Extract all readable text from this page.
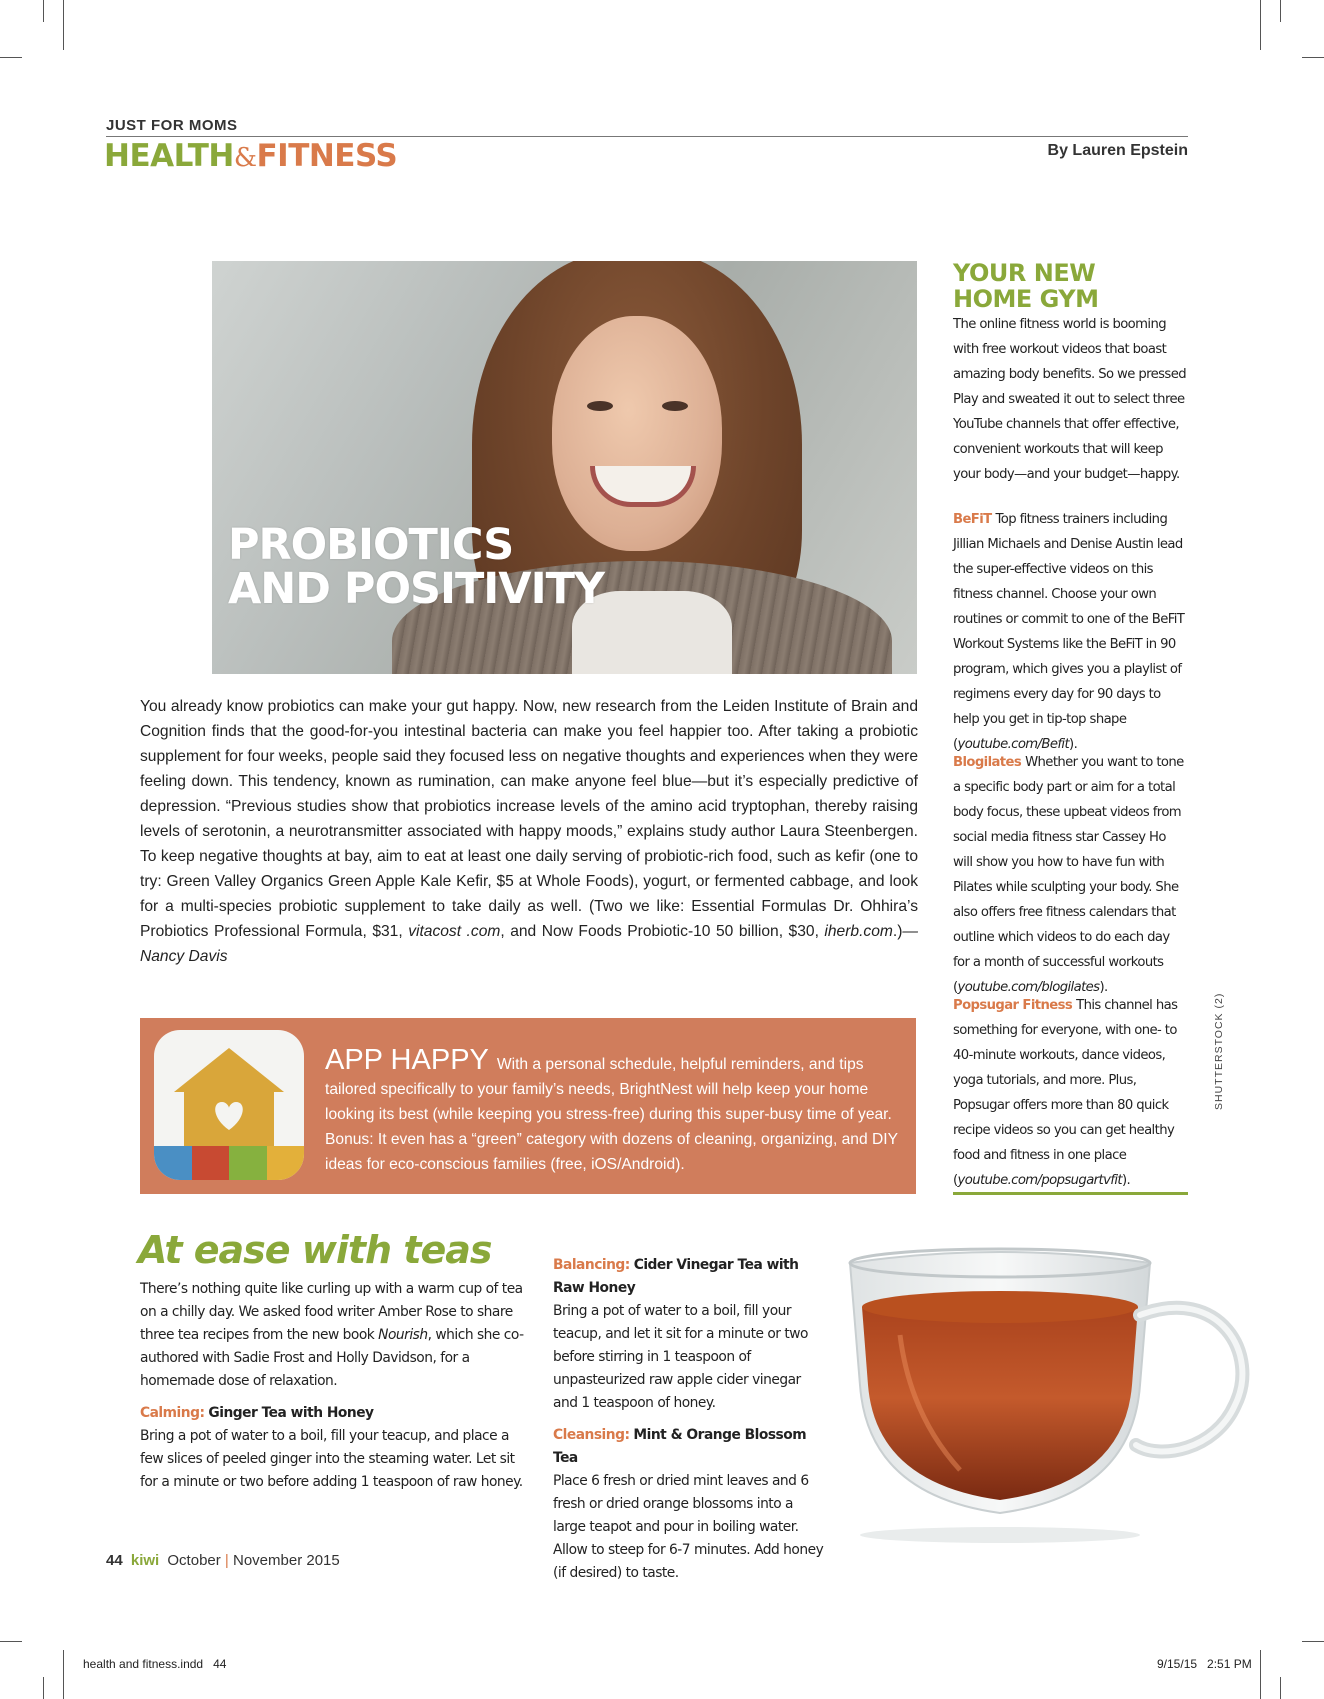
JUST FOR MOMS
HEALTH&FITNESS	By Lauren Epstein
PROBIOTICS
AND POSITIVITY
You already know probiotics can make your gut happy. Now, new research from the Leiden Institute of Brain and Cognition finds that the good-for-you intestinal bacteria can make you feel happier too. After taking a probiotic supplement for four weeks, people said they focused less on negative thoughts and experiences when they were feeling down. This tendency, known as rumination, can make anyone feel blue—but it’s especially predictive of depression. “Previous studies show that probiotics increase levels of the amino acid tryptophan, thereby raising levels of serotonin, a neurotransmitter associated with happy moods,” explains study author Laura Steenbergen. To keep negative thoughts at bay, aim to eat at least one daily serving of probiotic-rich food, such as kefir (one to try: Green Valley Organics Green Apple Kale Kefir, $5 at Whole Foods), yogurt, or fermented cabbage, and look for a multi-species probiotic supplement to take daily as well. (Two we like: Essential Formulas Dr. Ohhira’s Probiotics Professional Formula, $31, vitacost .com, and Now Foods Probiotic-10 50 billion, $30, iherb.com.)—Nancy Davis
APP HAPPY With a personal schedule, helpful reminders, and tips tailored specifically to your family’s needs, BrightNest will help keep your home looking its best (while keeping you stress-free) during this super-busy time of year. Bonus: It even has a “green” category with dozens of cleaning, organizing, and DIY ideas for eco-conscious families (free, iOS/Android).
YOUR NEW
HOME GYM
The online fitness world is booming with free workout videos that boast amazing body benefits. So we pressed Play and sweated it out to select three YouTube channels that offer effective, convenient workouts that will keep your body—and your budget—happy.
BeFiT Top fitness trainers including Jillian Michaels and Denise Austin lead the super-effective videos on this fitness channel. Choose your own routines or commit to one of the BeFiT Workout Systems like the BeFiT in 90 program, which gives you a playlist of regimens every day for 90 days to help you get in tip-top shape (youtube.com/Befit).
Blogilates Whether you want to tone a specific body part or aim for a total body focus, these upbeat videos from social media fitness star Cassey Ho will show you how to have fun with Pilates while sculpting your body. She also offers free fitness calendars that outline which videos to do each day for a month of successful workouts (youtube.com/blogilates).
Popsugar Fitness This channel has something for everyone, with one- to 40-minute workouts, dance videos, yoga tutorials, and more. Plus, Popsugar offers more than 80 quick recipe videos so you can get healthy food and fitness in one place (youtube.com/popsugartvfit).
SHUTTERSTOCK (2)
At ease with teas

There’s nothing quite like curling up with a warm cup of tea on a chilly day. We asked food writer Amber Rose to share three tea recipes from the new book Nourish, which she co-authored with Sadie Frost and Holly Davidson, for a homemade dose of relaxation.

Calming: Ginger Tea with Honey
Bring a pot of water to a boil, fill your teacup, and place a few slices of peeled ginger into the steaming water. Let sit for a minute or two before adding 1 teaspoon of raw honey.

Balancing: Cider Vinegar Tea with Raw Honey
Bring a pot of water to a boil, fill your teacup, and let it sit for a minute or two before stirring in 1 teaspoon of unpasteurized raw apple cider vinegar and 1 teaspoon of honey.

Cleansing: Mint & Orange Blossom Tea
Place 6 fresh or dried mint leaves and 6 fresh or dried orange blossoms into a large teapot and pour in boiling water. Allow to steep for 6-7 minutes. Add honey (if desired) to taste.

44 kiwi October | November 2015
health and fitness.indd   44	9/15/15   2:51 PM
